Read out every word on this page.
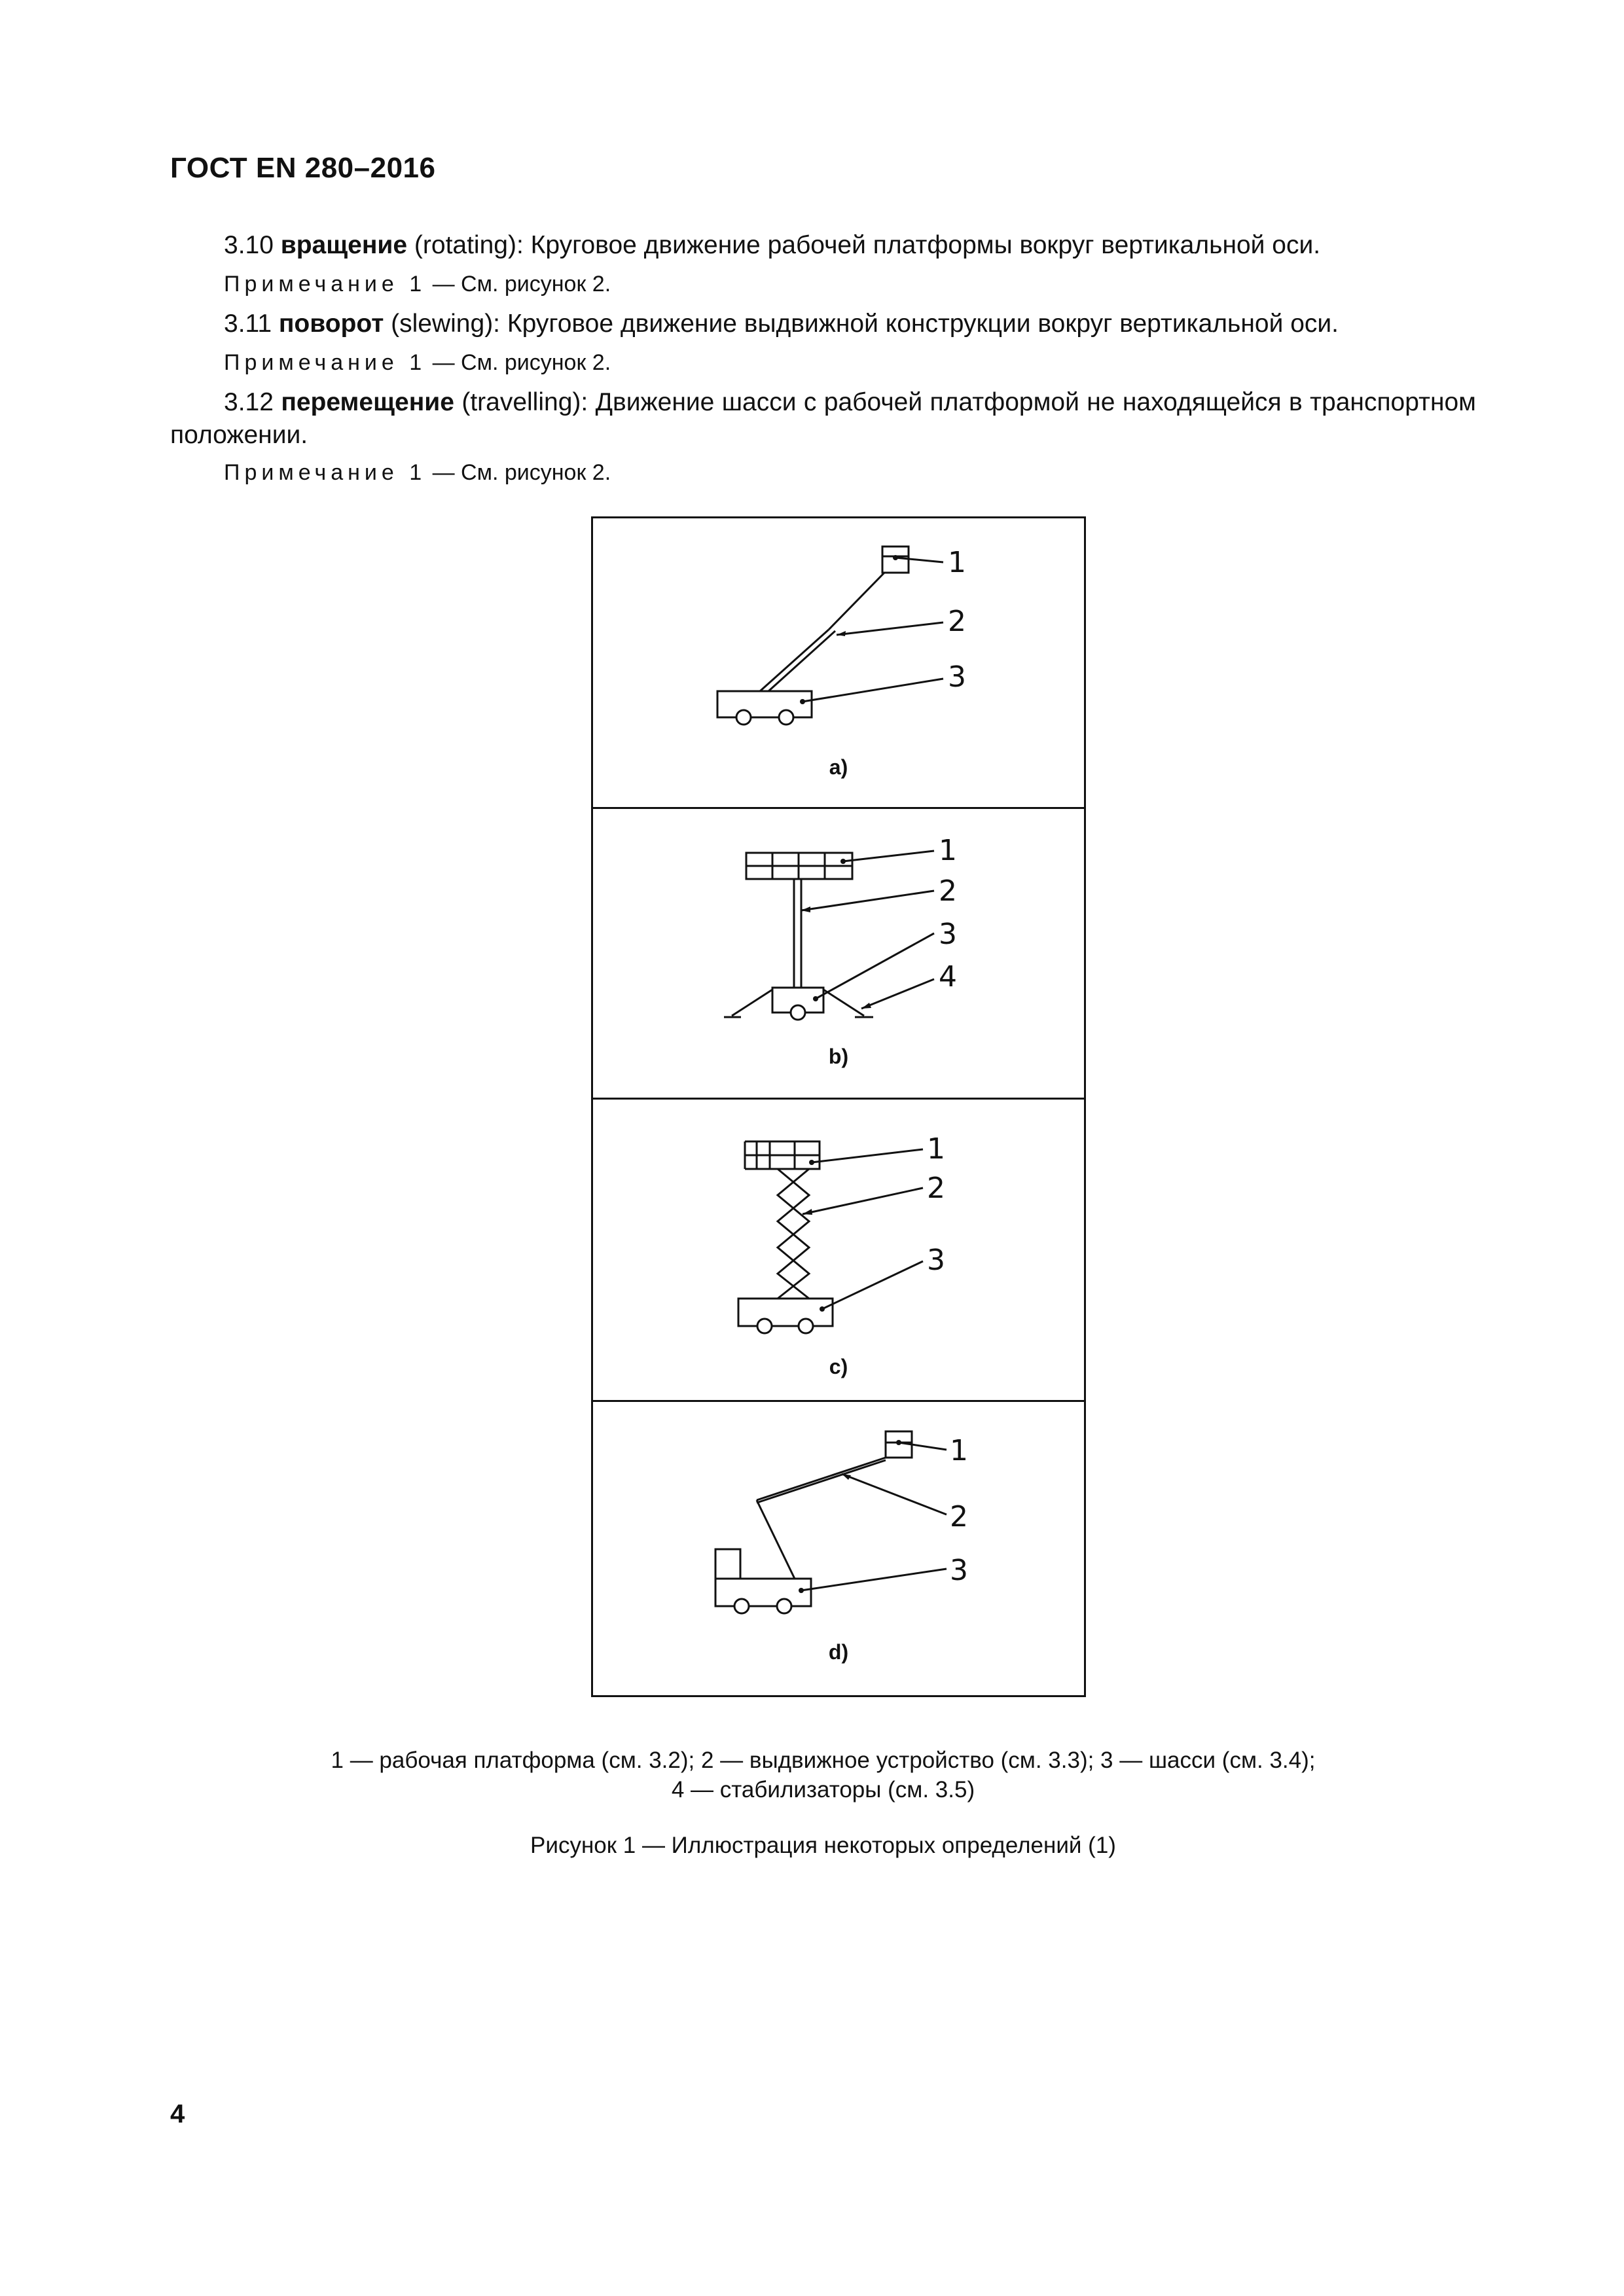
ГОСТ EN 280–2016
3.10 вращение (rotating): Круговое движение рабочей платформы вокруг вертикальной оси.
Примечание 1 — См. рисунок 2.
3.11 поворот (slewing): Круговое движение выдвижной конструкции вокруг вертикальной оси.
Примечание 1 — См. рисунок 2.
3.12 перемещение (travelling): Движение шасси с рабочей платформой не находящейся в транспортном положении.
Примечание 1 — См. рисунок 2.
1
2
3
a)
1
2
3
4
b)
1
2
3
c)
1
2
3
d)
1 — рабочая платформа (см. 3.2); 2 — выдвижное устройство (см. 3.3); 3 — шасси (см. 3.4);
4 — стабилизаторы (см. 3.5)
Рисунок 1 — Иллюстрация некоторых определений (1)
4
